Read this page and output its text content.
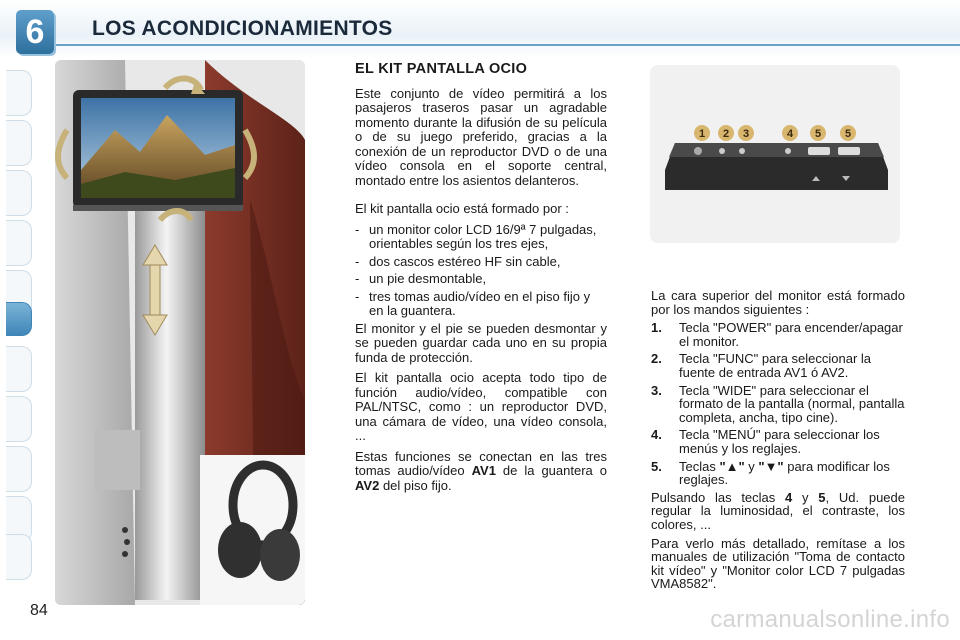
6	LOS ACONDICIONAMIENTOS
84
EL KIT PANTALLA OCIO

Este conjunto de vídeo permitirá a los pasajeros traseros pasar un agradable momento durante la difusión de su película o de su juego preferido, gracias a la conexión de un reproductor DVD o de una vídeo consola en el soporte central, montado entre los asientos delanteros.

El kit pantalla ocio está formado por :

- un monitor color LCD 16/9ª 7 pulgadas, orientables según los tres ejes,
- dos cascos estéreo HF sin cable,
- un pie desmontable,
- tres tomas audio/vídeo en el piso fijo y en la guantera.

El monitor y el pie se pueden desmontar y se pueden guardar cada uno en su propia funda de protección.

El kit pantalla ocio acepta todo tipo de función audio/vídeo, compatible con PAL/NTSC, como : un reproductor DVD, una cámara de vídeo, una vídeo consola, ...

Estas funciones se conectan en las tres tomas audio/vídeo AV1 de la guantera o AV2 del piso fijo.

1 2 3	4 5 5

La cara superior del monitor está formado por los mandos siguientes :

1. Tecla "POWER" para encender/apagar el monitor.
2. Tecla "FUNC" para seleccionar la fuente de entrada AV1 ó AV2.
3. Tecla "WIDE" para seleccionar el formato de la pantalla (normal, pantalla completa, ancha, tipo cine).
4. Tecla "MENÚ" para seleccionar los menús y los reglajes.
5. Teclas "▲" y "▼" para modificar los reglajes.

Pulsando las teclas 4 y 5, Ud. puede regular la luminosidad, el contraste, los colores, ...

Para verlo más detallado, remítase a los manuales de utilización "Toma de contacto kit vídeo" y "Monitor color LCD 7 pulgadas VMA8582".

carmanualsonline.info
